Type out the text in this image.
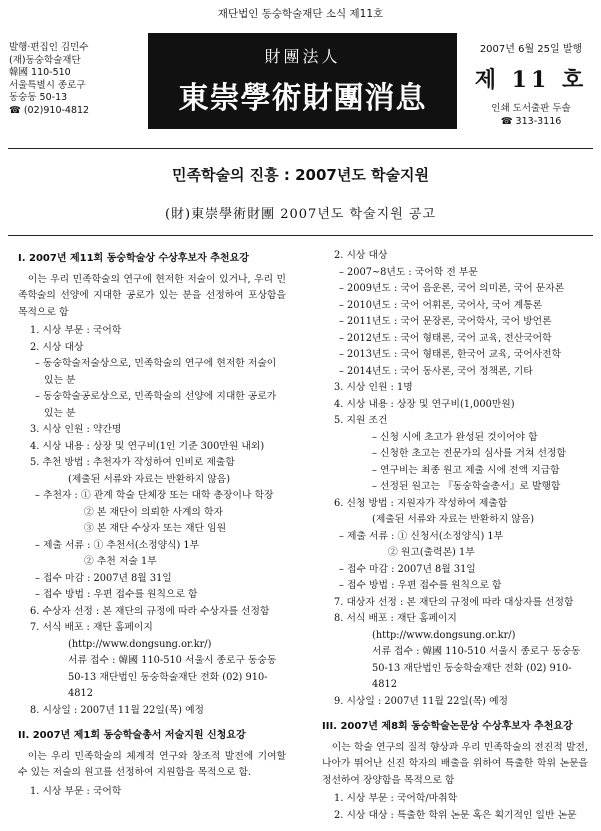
재단법인 동숭학술재단 소식 제11호
발행·편집인 김민수
(재)동숭학술재단
韓國 110-510
서울특별시 종로구
동숭동 50-13
☎ (02)910-4812
財團法人
東崇學術財團消息
2007년 6월 25일 발행
제 11 호
인쇄 도서출판 두솔
☎ 313-3116
민족학술의 진흥 : 2007년도 학술지원
(財)東崇學術財團 2007년도 학술지원 공고
I. 2007년 제11회 동숭학술상 수상후보자 추천요강
이는 우리 민족학술의 연구에 현저한 저술이 있거나, 우리 민족학술의 선양에 지대한 공로가 있는 분을 선정하여 포상함을 목적으로 함
1. 시상 부문 : 국어학
2. 시상 대상
– 동숭학술저술상으로, 민족학술의 연구에 현저한 저술이 있는 분
– 동숭학술공로상으로, 민족학술의 선양에 지대한 공로가 있는 분
3. 시상 인원 : 약간명
4. 시상 내용 : 상장 및 연구비(1인 기준 300만원 내외)
5. 추천 방법 : 추천자가 작성하여 인비로 제출함
(제출된 서류와 자료는 반환하지 않음)
– 추천자 : ① 관계 학술 단체장 또는 대학 총장이나 학장
② 본 재단이 의뢰한 사계의 학자
③ 본 재단 수상자 또는 재단 임원
– 제출 서류 : ① 추천서(소정양식) 1부
② 추천 저술 1부
– 접수 마감 : 2007년 8월 31일
– 접수 방법 : 우편 접수를 원칙으로 함
6. 수상자 선정 : 본 재단의 규정에 따라 수상자를 선정함
7. 서식 배포 : 재단 홈페이지
(http://www.dongsung.or.kr/)
서류 접수 : 韓國 110-510 서울시 종로구 동숭동 50-13 재단법인 동숭학술재단 전화 (02) 910-4812
8. 시상일 : 2007년 11월 22일(목) 예정
II. 2007년 제1회 동숭학술총서 저술지원 신청요강
이는 우리 민족학술의 체계적 연구와 창조적 발전에 기여할 수 있는 저술의 원고를 선정하여 지원함을 목적으로 함.
1. 시상 부문 : 국어학
2. 시상 대상
– 2007~8년도 : 국어학 전 부문
– 2009년도 : 국어 음운론, 국어 의미론, 국어 문자론
– 2010년도 : 국어 어휘론, 국어사, 국어 계통론
– 2011년도 : 국어 문장론, 국어학사, 국어 방언론
– 2012년도 : 국어 형태론, 국어 교육, 전산국어학
– 2013년도 : 국어 형태론, 한국어 교육, 국어사전학
– 2014년도 : 국어 동사론, 국어 정책론, 기타
3. 시상 인원 : 1명
4. 시상 내용 : 상장 및 연구비(1,000만원)
5. 지원 조건
– 신청 시에 초고가 완성된 것이어야 함
– 신청한 초고는 전문가의 심사를 거쳐 선정함
– 연구비는 최종 원고 제출 시에 전액 지급함
– 선정된 원고는 『동숭학술총서』로 발행함
6. 신청 방법 : 지원자가 작성하여 제출함
(제출된 서류와 자료는 반환하지 않음)
– 제출 서류 : ① 신청서(소정양식) 1부
② 원고(출력본) 1부
– 접수 마감 : 2007년 8월 31일
– 접수 방법 : 우편 접수를 원칙으로 함
7. 대상자 선정 : 본 재단의 규정에 따라 대상자를 선정함
8. 서식 배포 : 재단 홈페이지
(http://www.dongsung.or.kr/)
서류 접수 : 韓國 110-510 서울시 종로구 동숭동 50-13 재단법인 동숭학술재단 전화 (02) 910-4812
9. 시상일 : 2007년 11월 22일(목) 예정
III. 2007년 제8회 동숭학술논문상 수상후보자 추천요강
이는 학술 연구의 질적 향상과 우리 민족학술의 전진적 발전, 나아가 뛰어난 신진 학자의 배출을 위하여 특출한 학위 논문을 정선하여 장양함을 목적으로 함
1. 시상 부문 : 국어학/마취학
2. 시상 대상 : 특출한 학위 논문 혹은 획기적인 일반 논문
